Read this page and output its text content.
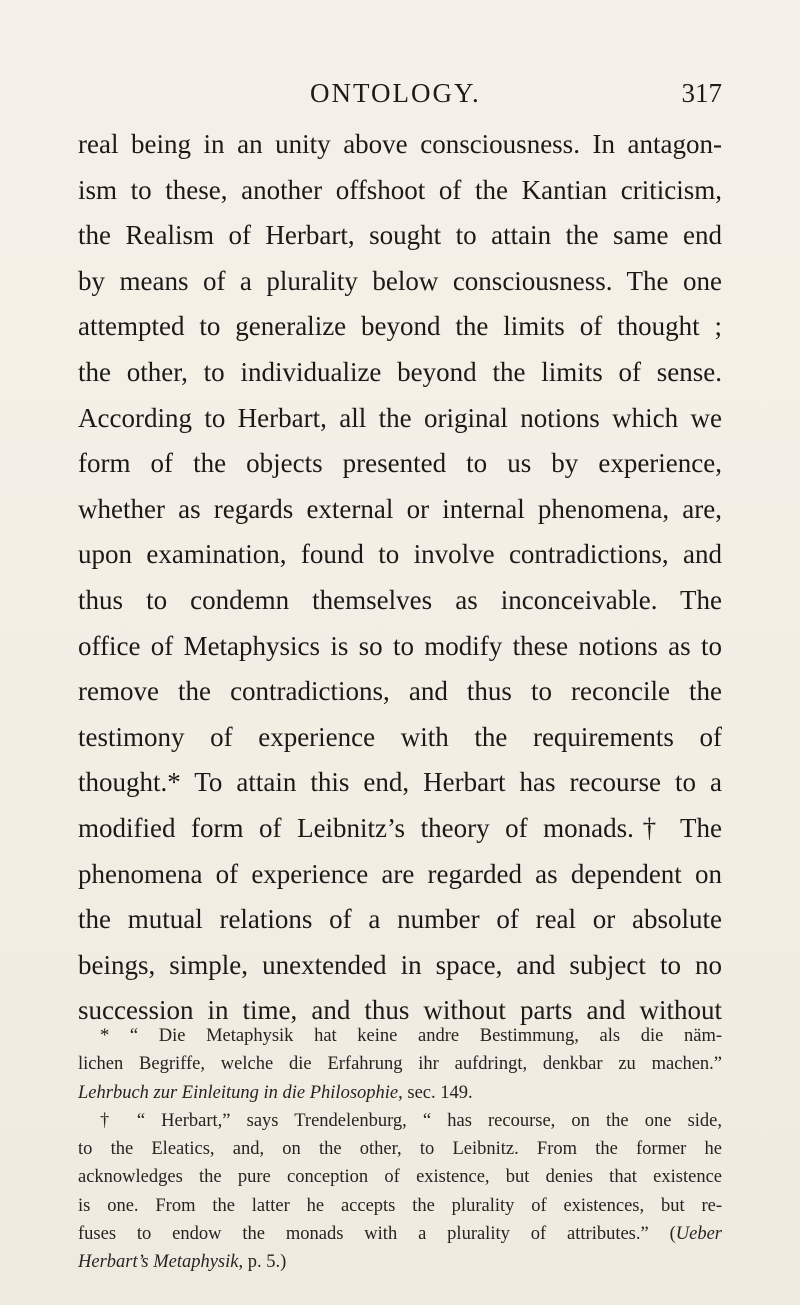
ONTOLOGY.	317
real being in an unity above consciousness. In antagon-
ism to these, another offshoot of the Kantian criticism,
the Realism of Herbart, sought to attain the same end
by means of a plurality below consciousness. The one
attempted to generalize beyond the limits of thought ;
the other, to individualize beyond the limits of sense.
According to Herbart, all the original notions which we
form of the objects presented to us by experience,
whether as regards external or internal phenomena, are,
upon examination, found to involve contradictions, and
thus to condemn themselves as inconceivable. The
office of Metaphysics is so to modify these notions as to
remove the contradictions, and thus to reconcile the
testimony of experience with the requirements of
thought.* To attain this end, Herbart has recourse to a
modified form of Leibnitz’s theory of monads.† The
phenomena of experience are regarded as dependent on
the mutual relations of a number of real or absolute
beings, simple, unextended in space, and subject to no
succession in time, and thus without parts and without
* “ Die Metaphysik hat keine andre Bestimmung, als die näm-
lichen Begriffe, welche die Erfahrung ihr aufdringt, denkbar zu machen.”
Lehrbuch zur Einleitung in die Philosophie, sec. 149.
† “ Herbart,” says Trendelenburg, “ has recourse, on the one side,
to the Eleatics, and, on the other, to Leibnitz. From the former he
acknowledges the pure conception of existence, but denies that existence
is one. From the latter he accepts the plurality of existences, but re-
fuses to endow the monads with a plurality of attributes.” (Ueber
Herbart’s Metaphysik, p. 5.)
